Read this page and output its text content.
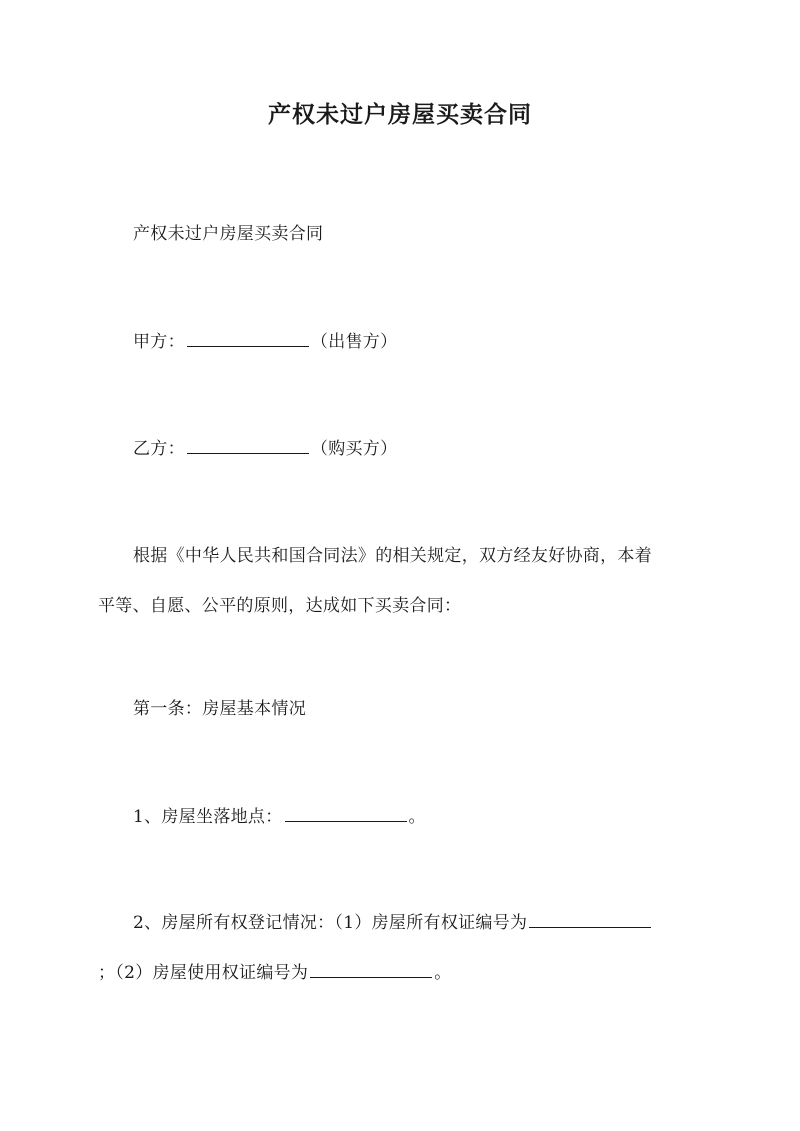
产权未过户房屋买卖合同
产权未过户房屋买卖合同
甲方：	（出售方）
乙方：	（购买方）
根据《中华人民共和国合同法》的相关规定，双方经友好协商，本着
平等、自愿、公平的原则，达成如下买卖合同：
第一条：房屋基本情况
1、房屋坐落地点：	。
2、房屋所有权登记情况：（1）房屋所有权证编号为
；（2）房屋使用权证编号为	。
